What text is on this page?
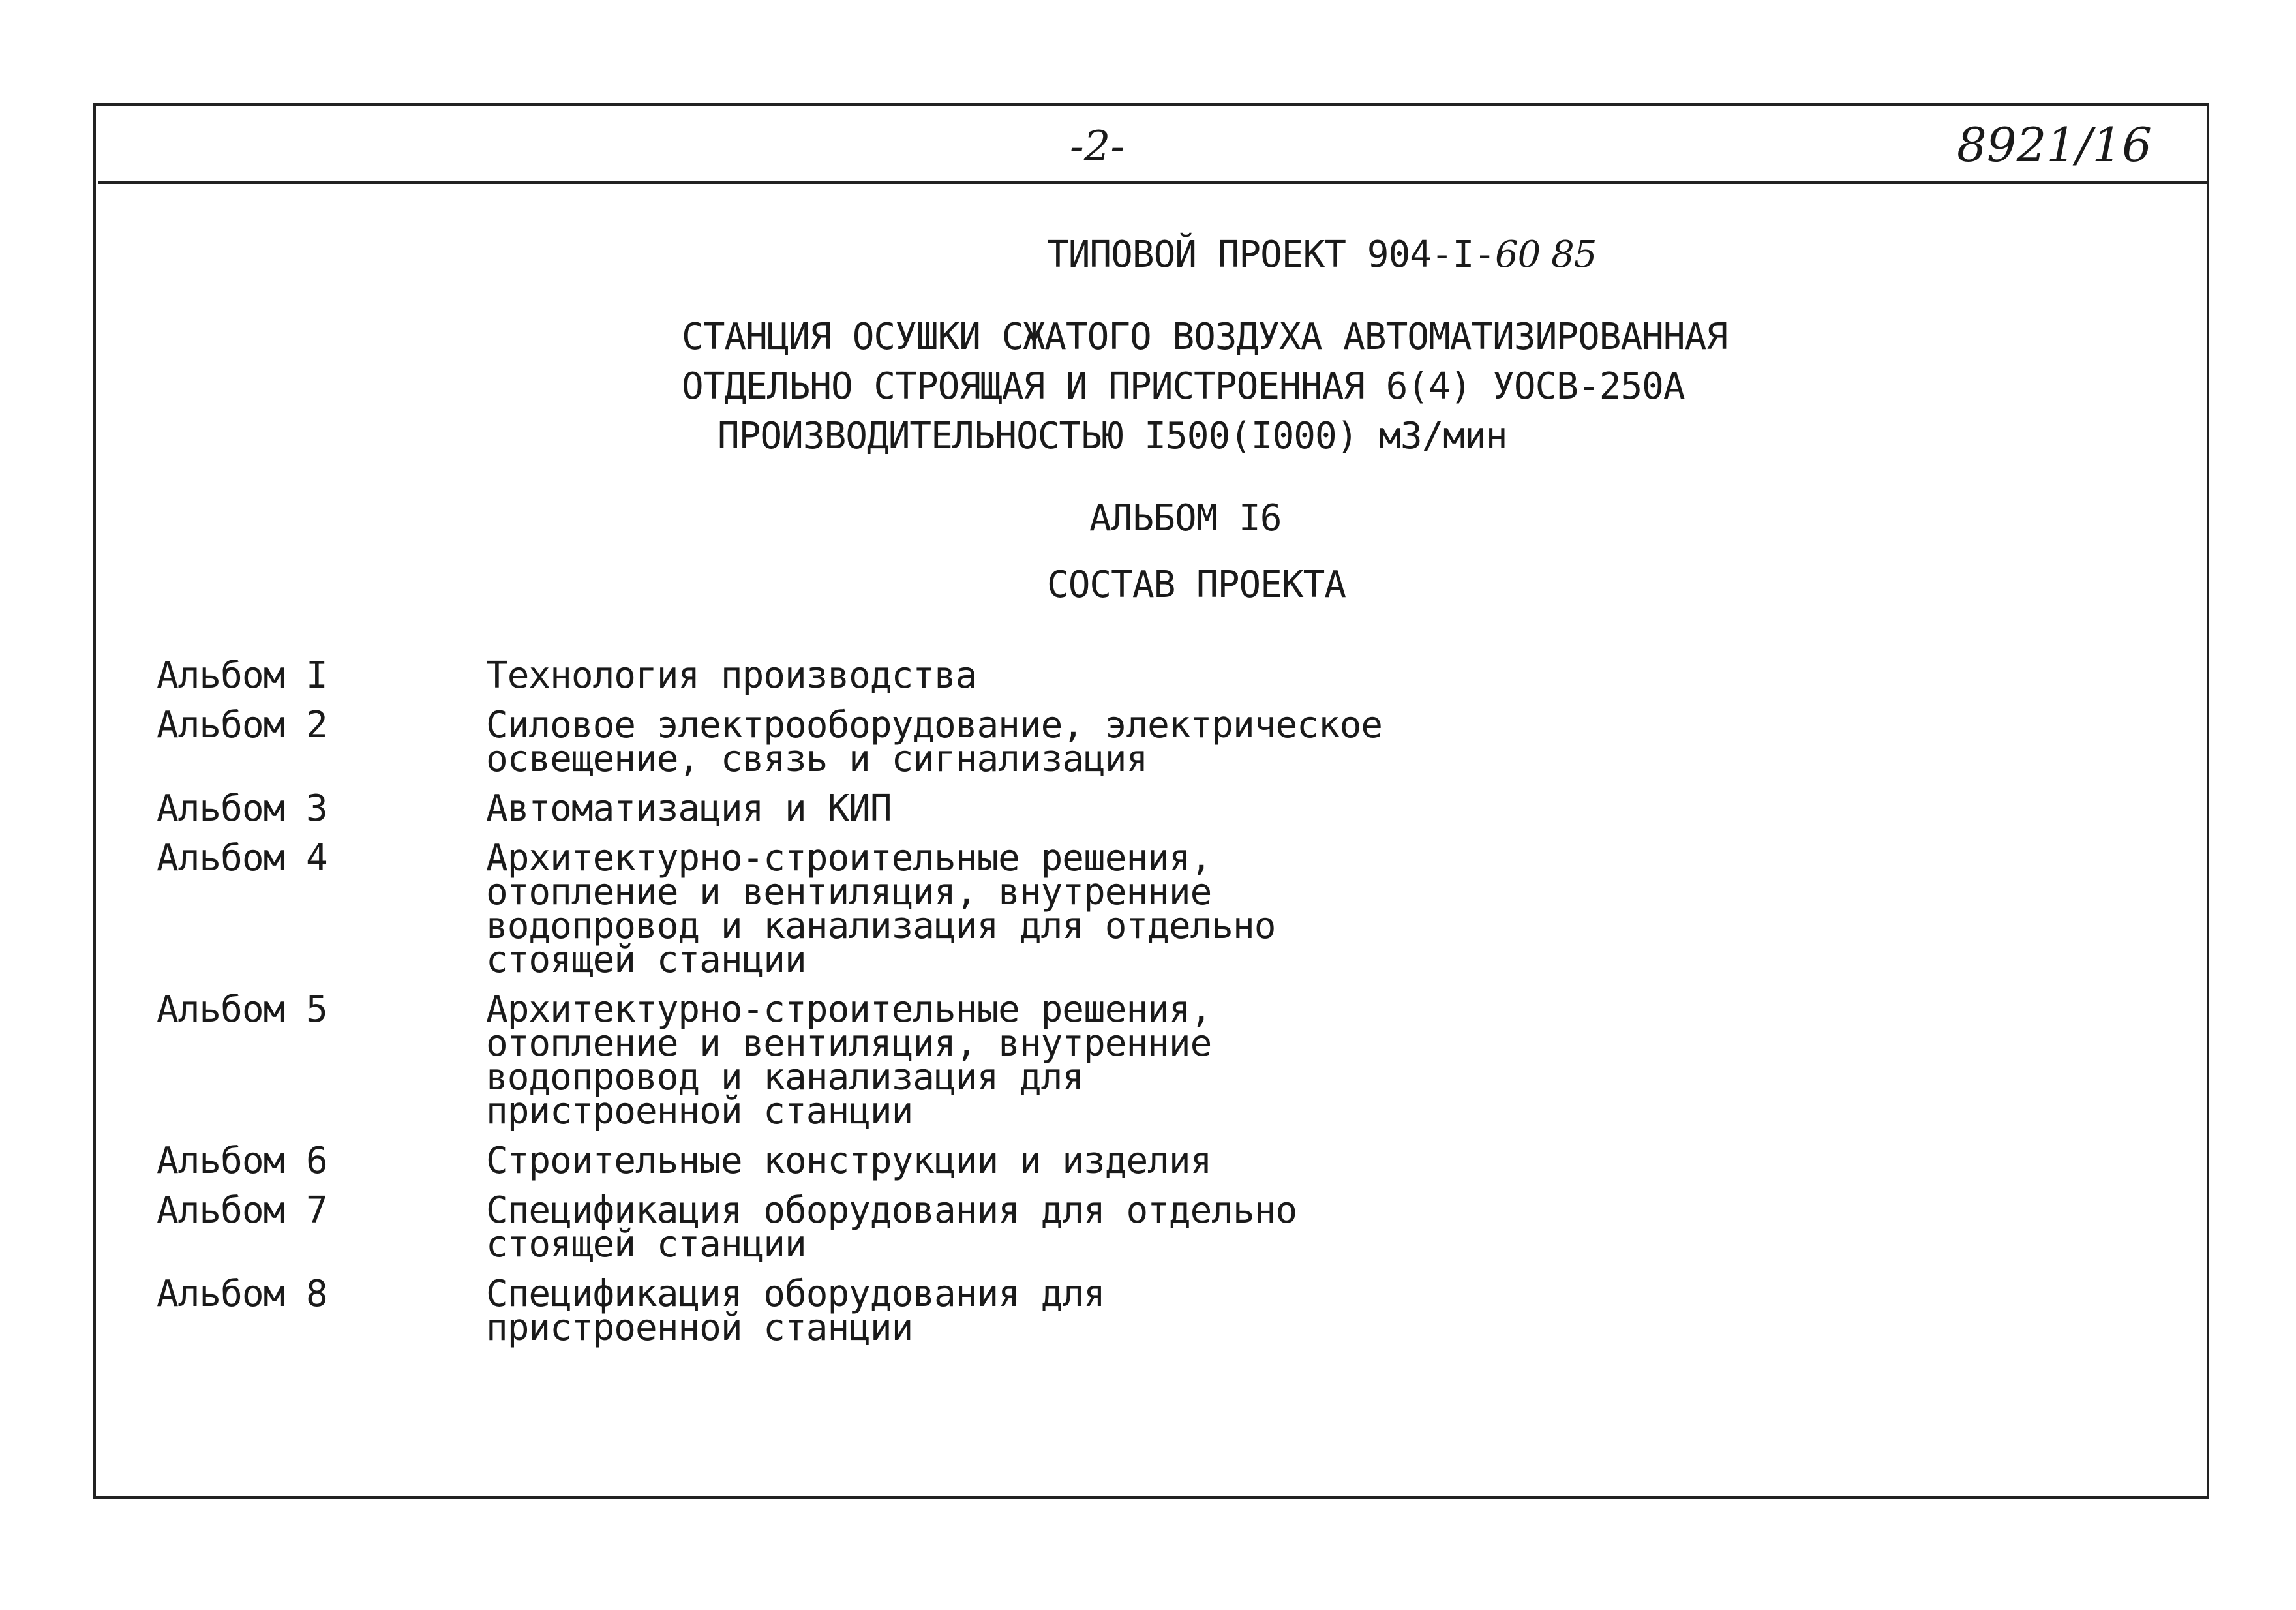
-2-	8921/16
ТИПОВОЙ ПРОЕКТ 904-I-60 85
СТАНЦИЯ ОСУШКИ СЖАТОГО ВОЗДУХА АВТОМАТИЗИРОВАННАЯ
ОТДЕЛЬНО СТРОЯЩАЯ И ПРИСТРОЕННАЯ 6(4) УОСВ-250А
ПРОИЗВОДИТЕЛЬНОСТЬЮ I500(I000) м3/мин
АЛЬБОМ I6
СОСТАВ ПРОЕКТА
Альбом I	Технология производства
Альбом 2	Силовое электрооборудование, электрическое
освещение, связь и сигнализация
Альбом 3	Автоматизация и КИП
Альбом 4	Архитектурно-строительные решения,
отопление и вентиляция, внутренние
водопровод и канализация для отдельно
стоящей станции
Альбом 5	Архитектурно-строительные решения,
отопление и вентиляция, внутренние
водопровод и канализация для
пристроенной станции
Альбом 6	Строительные конструкции и изделия
Альбом 7	Спецификация оборудования для отдельно
стоящей станции
Альбом 8	Спецификация оборудования для
пристроенной станции
